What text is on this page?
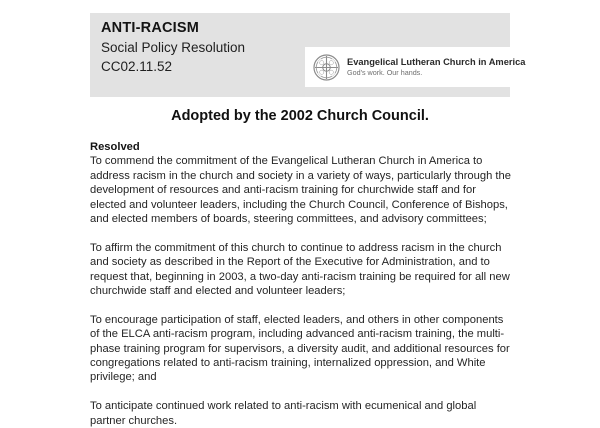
ANTI-RACISM

Social Policy Resolution

CC02.11.52	Evangelical Lutheran Church in America
God's work. Our hands.

Adopted by the 2002 Church Council.

Resolved

To commend the commitment of the Evangelical Lutheran Church in America to address racism in the church and society in a variety of ways, particularly through the development of resources and anti-racism training for churchwide staff and for elected and volunteer leaders, including the Church Council, Conference of Bishops, and elected members of boards, steering committees, and advisory committees;

To affirm the commitment of this church to continue to address racism in the church and society as described in the Report of the Executive for Administration, and to request that, beginning in 2003, a two-day anti-racism training be required for all new churchwide staff and elected and volunteer leaders;

To encourage participation of staff, elected leaders, and others in other components of the ELCA anti-racism program, including advanced anti-racism training, the multi-phase training program for supervisors, a diversity audit, and additional resources for congregations related to anti-racism training, internalized oppression, and White privilege; and

To anticipate continued work related to anti-racism with ecumenical and global partner churches.
